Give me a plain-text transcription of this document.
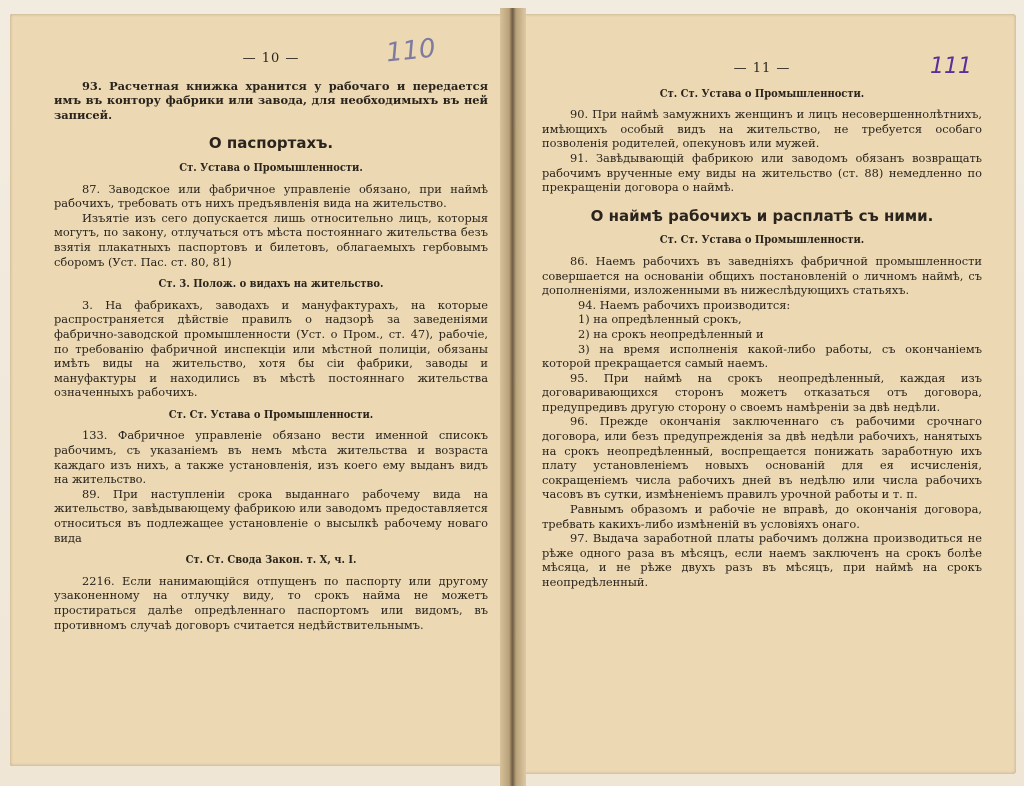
110
— 10 —

93. Расчетная книжка хранится у рабочаго и передается имъ въ контору фабрики или завода, для необходимыхъ въ ней записей.

О паспортахъ.
Ст. Устава о Промышленности.

87. Заводское или фабричное управленіе обязано, при наймѣ рабочихъ, требовать отъ нихъ предъявленія вида на жительство.

Изъятіе изъ сего допускается лишь относительно лицъ, которыя могутъ, по закону, отлучаться отъ мѣста постояннаго жительства безъ взятія плакатныхъ паспортовъ и билетовъ, облагаемыхъ гербовымъ сборомъ (Уст. Пас. ст. 80, 81)

Ст. 3. Полож. о видахъ на жительство.

3. На фабрикахъ, заводахъ и мануфактурахъ, на которые распространяется дѣйствіе правилъ о надзорѣ за заведеніями фабрично-заводской промышленности (Уст. о Пром., ст. 47), рабочіе, по требованію фабричной инспекціи или мѣстной полиціи, обязаны имѣть виды на жительство, хотя бы сіи фабрики, заводы и мануфактуры и находились въ мѣстѣ постояннаго жительства означенныхъ рабочихъ.

Ст. Ст. Устава о Промышленности.

133. Фабричное управленіе обязано вести именной списокъ рабочимъ, съ указаніемъ въ немъ мѣста жительства и возраста каждаго изъ нихъ, а также установленія, изъ коего ему выданъ видъ на жительство.

89. При наступленіи срока выданнаго рабочему вида на жительство, завѣдывающему фабрикою или заводомъ предоставляется относиться въ подлежащее установленіе о высылкѣ рабочему новаго вида

Ст. Ст. Свода Закон. т. X, ч. I.

2216. Если нанимающійся отпущенъ по паспорту или другому узаконенному на отлучку виду, то срокъ найма не можетъ простираться далѣе опредѣленнаго паспортомъ или видомъ, въ противномъ случаѣ договоръ считается недѣйствительнымъ.

111
— 11 —
Ст. Ст. Устава о Промышленности.

90. При наймѣ замужнихъ женщинъ и лицъ несовершеннолѣтнихъ, имѣющихъ особый видъ на жительство, не требуется особаго позволенія родителей, опекуновъ или мужей.

91. Завѣдывающій фабрикою или заводомъ обязанъ возвращать рабочимъ врученные ему виды на жительство (ст. 88) немедленно по прекращеніи договора о наймѣ.

О наймѣ рабочихъ и расплатѣ съ ними.
Ст. Ст. Устава о Промышленности.

86. Наемъ рабочихъ въ заведніяхъ фабричной промышленности совершается на основаніи общихъ постановленій о личномъ наймѣ, съ дополненіями, изложенными въ нижеслѣдующихъ статьяхъ.

94. Наемъ рабочихъ производится:

1) на опредѣленный срокъ,

2) на срокъ неопредѣленный и

3) на время исполненія какой-либо работы, съ окончаніемъ которой прекращается самый наемъ.

95. При наймѣ на срокъ неопредѣленный, каждая изъ договаривающихся сторонъ можетъ отказаться отъ договора, предупредивъ другую сторону о своемъ намѣреніи за двѣ недѣли.

96. Прежде окончанія заключеннаго съ рабочими срочнаго договора, или безъ предупрежденія за двѣ недѣли рабочихъ, нанятыхъ на срокъ неопредѣленный, воспрещается понижать заработную ихъ плату установленіемъ новыхъ основаній для ея исчисленія, сокращеніемъ числа рабочихъ дней въ недѣлю или числа рабочихъ часовъ въ сутки, измѣненіемъ правилъ урочной работы и т. п.

Равнымъ образомъ и рабочіе не вправѣ, до окончанія договора, требвать какихъ-либо измѣненій въ условіяхъ онаго.

97. Выдача заработной платы рабочимъ должна производиться не рѣже одного раза въ мѣсяцъ, если наемъ заключенъ на срокъ болѣе мѣсяца, и не рѣже двухъ разъ въ мѣсяцъ, при наймѣ на срокъ неопредѣленный.
